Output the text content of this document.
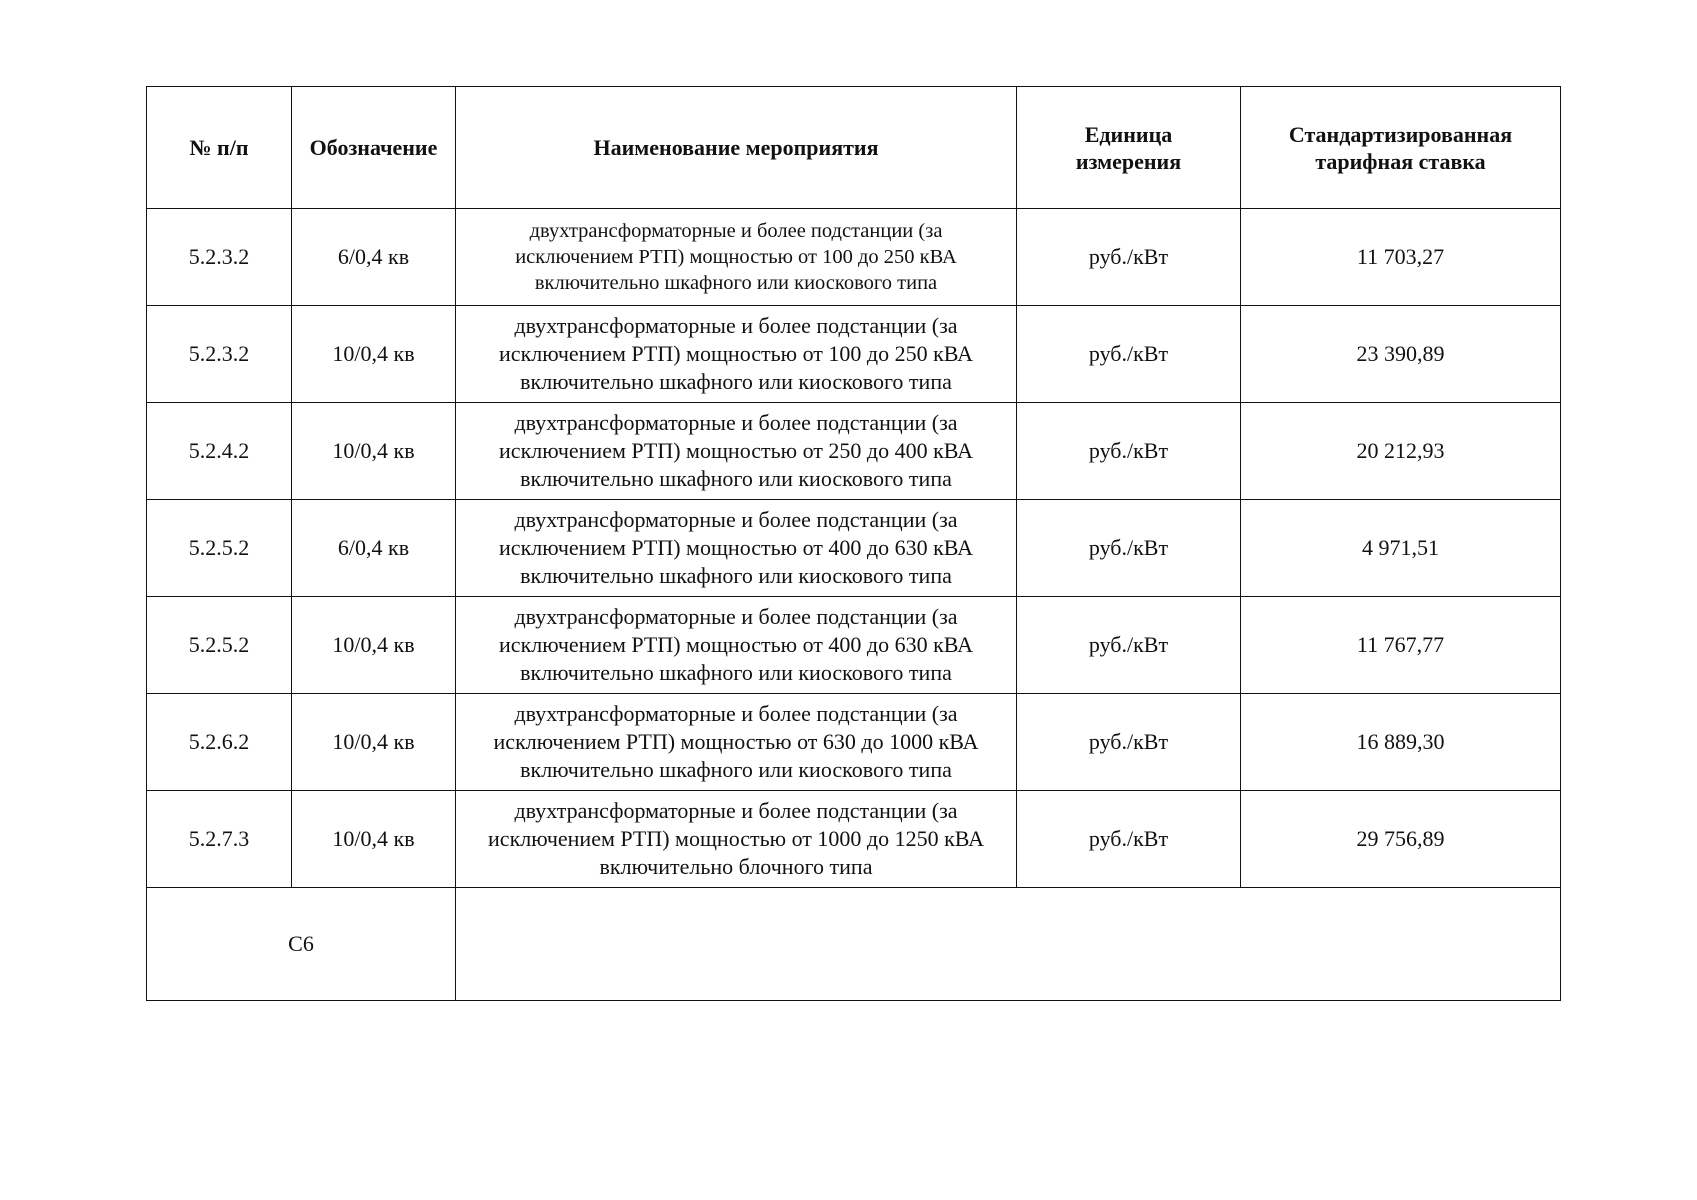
№ п/п	Обозначение	Наименование мероприятия	Единица измерения	Стандартизированная тарифная ставка
5.2.3.2	6/0,4 кв	двухтрансформаторные и более подстанции (за исключением РТП) мощностью от 100 до 250 кВА включительно шкафного или киоскового типа	руб./кВт	11 703,27
5.2.3.2	10/0,4 кв	двухтрансформаторные и более подстанции (за исключением РТП) мощностью от 100 до 250 кВА включительно шкафного или киоскового типа	руб./кВт	23 390,89
5.2.4.2	10/0,4 кв	двухтрансформаторные и более подстанции (за исключением РТП) мощностью от 250 до 400 кВА включительно шкафного или киоскового типа	руб./кВт	20 212,93
5.2.5.2	6/0,4 кв	двухтрансформаторные и более подстанции (за исключением РТП) мощностью от 400 до 630 кВА включительно шкафного или киоскового типа	руб./кВт	4 971,51
5.2.5.2	10/0,4 кв	двухтрансформаторные и более подстанции (за исключением РТП) мощностью от 400 до 630 кВА включительно шкафного или киоскового типа	руб./кВт	11 767,77
5.2.6.2	10/0,4 кв	двухтрансформаторные и более подстанции (за исключением РТП) мощностью от 630 до 1000 кВА включительно шкафного или киоскового типа	руб./кВт	16 889,30
5.2.7.3	10/0,4 кв	двухтрансформаторные и более подстанции (за исключением РТП) мощностью от 1000 до 1250 кВА включительно блочного типа	руб./кВт	29 756,89
С6				
